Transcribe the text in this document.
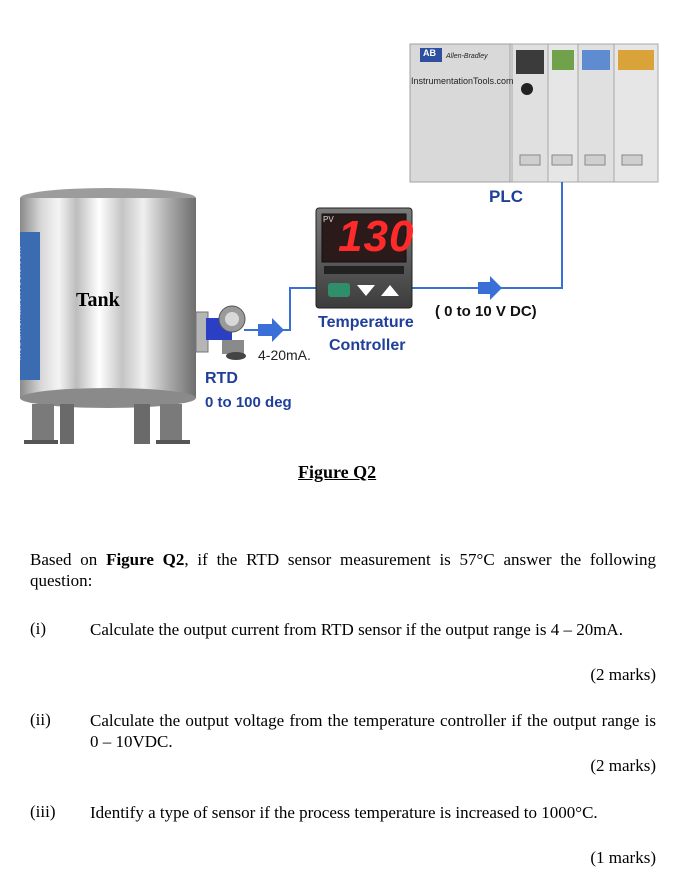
AB Allen-Bradley
InstrumentationTools.com
PLC
Tank
InstrumentationTools.com
PV 130
Temperature
Controller
4-20mA.
( 0 to 10 V DC)
RTD
0 to 100 deg
Figure Q2
Based on Figure Q2, if the RTD sensor measurement is 57°C answer the following question:
(i)	Calculate the output current from RTD sensor if the output range is 4 – 20mA.
(2 marks)
(ii) Calculate the output voltage from the temperature controller if the output range is 0 – 10VDC.
(2 marks)
(iii) Identify a type of sensor if the process temperature is increased to 1000°C.
(1 marks)
